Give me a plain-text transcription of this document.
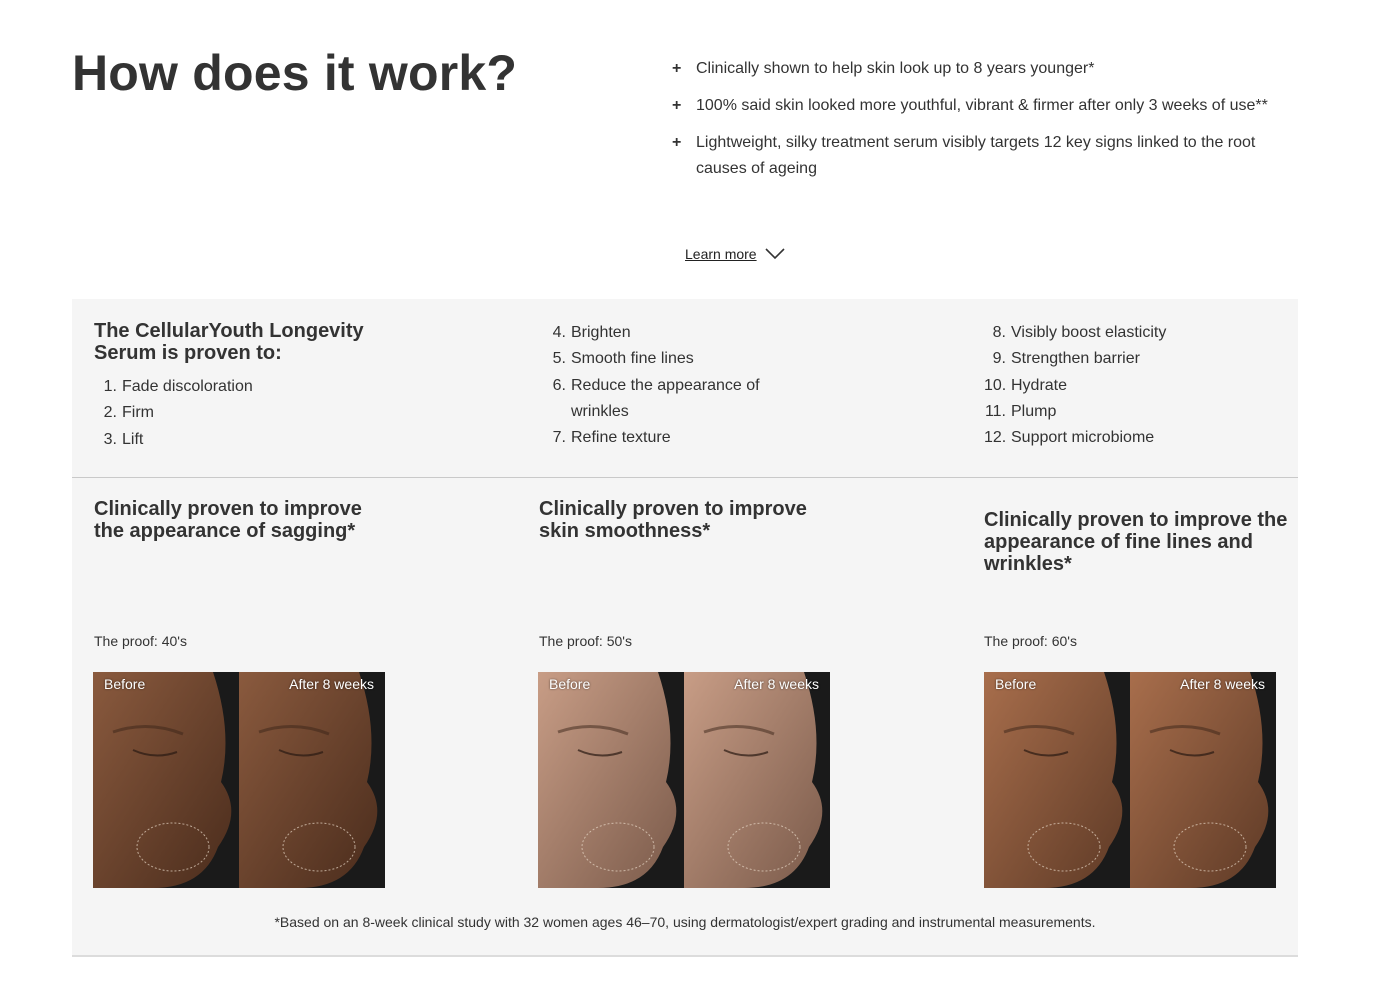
How does it work?	+ Clinically shown to help skin look up to 8 years younger*
+ 100% said skin looked more youthful, vibrant & firmer after only 3 weeks of use**
+ Lightweight, silky treatment serum visibly targets 12 key signs linked to the root causes of ageing
Learn more
The CellularYouth Longevity Serum is proven to:
1. Fade discoloration
2. Firm
3. Lift
4. Brighten
5. Smooth fine lines
6. Reduce the appearance of wrinkles
7. Refine texture
8. Visibly boost elasticity
9. Strengthen barrier
10. Hydrate
11. Plump
12. Support microbiome
Clinically proven to improve the appearance of sagging*
The proof: 40's
Before	After 8 weeks
Clinically proven to improve skin smoothness*
The proof: 50's
Before	After 8 weeks
Clinically proven to improve the appearance of fine lines and wrinkles*
The proof: 60's
Before	After 8 weeks
*Based on an 8-week clinical study with 32 women ages 46–70, using dermatologist/expert grading and instrumental measurements.
